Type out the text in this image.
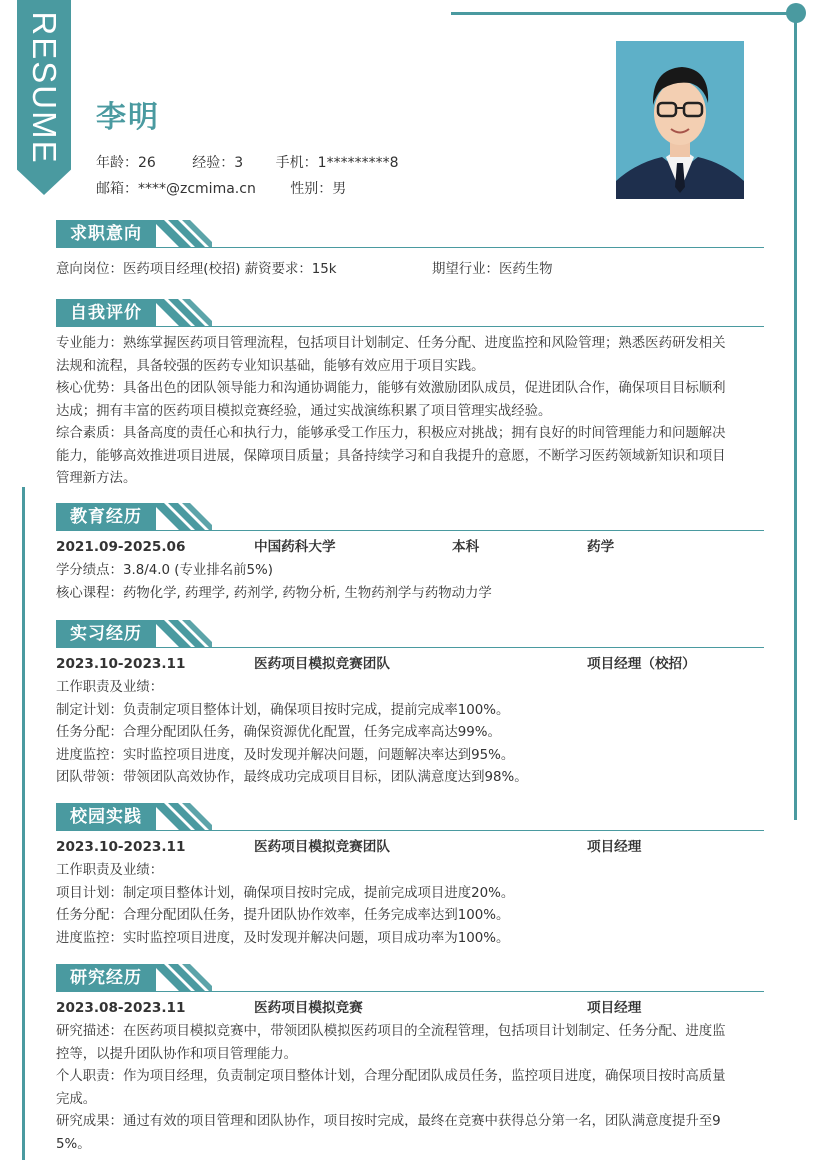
RESUME 李明
年龄：26	经验：3 手机：1*********8
邮箱：****@zcmima.cn 性别：男
求职意向
意向岗位：医药项目经理(校招) 薪资要求：15k	期望行业：医药生物
自我评价
专业能力：熟练掌握医药项目管理流程，包括项目计划制定、任务分配、进度监控和风险管理；熟悉医药研发相关
法规和流程，具备较强的医药专业知识基础，能够有效应用于项目实践。
核心优势：具备出色的团队领导能力和沟通协调能力，能够有效激励团队成员，促进团队合作，确保项目目标顺利
达成；拥有丰富的医药项目模拟竞赛经验，通过实战演练积累了项目管理实战经验。
综合素质：具备高度的责任心和执行力，能够承受工作压力，积极应对挑战；拥有良好的时间管理能力和问题解决
能力，能够高效推进项目进展，保障项目质量；具备持续学习和自我提升的意愿，不断学习医药领域新知识和项目
管理新方法。
教育经历
2021.09-2025.06	中国药科大学	本科	药学
学分绩点：3.8/4.0 (专业排名前5%)
核心课程：药物化学, 药理学, 药剂学, 药物分析, 生物药剂学与药物动力学
实习经历
2023.10-2023.11	医药项目模拟竞赛团队	项目经理（校招）
工作职责及业绩：
制定计划：负责制定项目整体计划，确保项目按时完成，提前完成率100%。
任务分配：合理分配团队任务，确保资源优化配置，任务完成率高达99%。
进度监控：实时监控项目进度，及时发现并解决问题，问题解决率达到95%。
团队带领：带领团队高效协作，最终成功完成项目目标，团队满意度达到98%。
校园实践
2023.10-2023.11	医药项目模拟竞赛团队	项目经理
工作职责及业绩：
项目计划：制定项目整体计划，确保项目按时完成，提前完成项目进度20%。
任务分配：合理分配团队任务，提升团队协作效率，任务完成率达到100%。
进度监控：实时监控项目进度，及时发现并解决问题，项目成功率为100%。
研究经历
2023.08-2023.11	医药项目模拟竞赛	项目经理
研究描述：在医药项目模拟竞赛中，带领团队模拟医药项目的全流程管理，包括项目计划制定、任务分配、进度监
控等，以提升团队协作和项目管理能力。
个人职责：作为项目经理，负责制定项目整体计划，合理分配团队成员任务，监控项目进度，确保项目按时高质量
完成。
研究成果：通过有效的项目管理和团队协作，项目按时完成，最终在竞赛中获得总分第一名，团队满意度提升至9
5%。
